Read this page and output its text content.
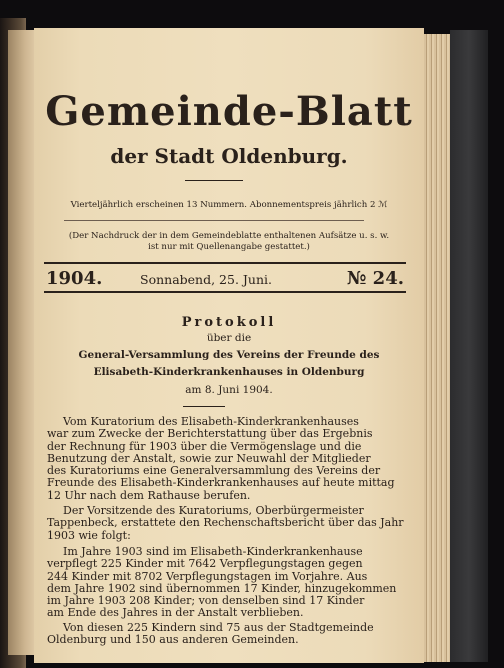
Gemeinde-Blatt
der Stadt Oldenburg.
Vierteljährlich erscheinen 13 Nummern. Abonnementspreis jährlich 2 ℳ
(Der Nachdruck der in dem Gemeindeblatte enthaltenen Aufsätze u. s. w.
ist nur mit Quellenangabe gestattet.)
1904.	Sonnabend, 25. Juni.	№ 24.
Protokoll
über die
General-Versammlung des Vereins der Freunde des
Elisabeth-Kinderkrankenhauses in Oldenburg
am 8. Juni 1904.
Vom Kuratorium des Elisabeth-Kinderkrankenhauses
war zum Zwecke der Berichterstattung über das Ergebnis
der Rechnung für 1903 über die Vermögenslage und die
Benutzung der Anstalt, sowie zur Neuwahl der Mitglieder
des Kuratoriums eine Generalversammlung des Vereins der
Freunde des Elisabeth-Kinderkrankenhauses auf heute mittag
12 Uhr nach dem Rathause berufen.
Der Vorsitzende des Kuratoriums, Oberbürgermeister
Tappenbeck, erstattete den Rechenschaftsbericht über das Jahr
1903 wie folgt:
Im Jahre 1903 sind im Elisabeth-Kinderkrankenhause
verpflegt 225 Kinder mit 7642 Verpflegungstagen gegen
244 Kinder mit 8702 Verpflegungstagen im Vorjahre. Aus
dem Jahre 1902 sind übernommen 17 Kinder, hinzugekommen
im Jahre 1903 208 Kinder; von denselben sind 17 Kinder
am Ende des Jahres in der Anstalt verblieben.
Von diesen 225 Kindern sind 75 aus der Stadtgemeinde
Oldenburg und 150 aus anderen Gemeinden.
